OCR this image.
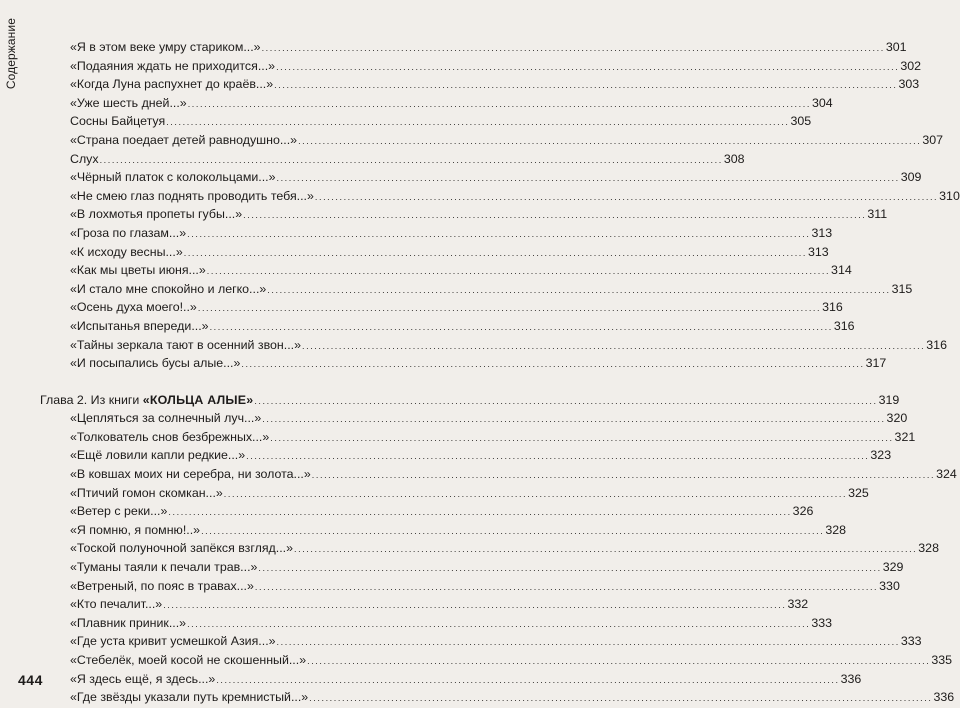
Содержание	«Я в этом веке умру стариком...» .....	301
«Подаяния ждать не приходится...» .....	302
«Когда Луна распухнет до краёв...» .....	303
«Уже шесть дней...» .....	304
Сосны Байцетуя .....	305
«Страна поедает детей равнодушно...» .....	307
Слух .....	308
«Чёрный платок с колокольцами...» .....	309
«Не смею глаз поднять проводить тебя...» .....	310
«В лохмотья пропеты губы...» .....	311
«Гроза по глазам...» .....	313
«К исходу весны...» .....	313
«Как мы цветы июня...» .....	314
«И стало мне спокойно и легко...» .....	315
«Осень духа моего!..» .....	316
«Испытанья впереди...» .....	316
«Тайны зеркала тают в осенний звон...» .....	316
«И посыпались бусы алые...» .....	317
Глава 2. Из книги «КОЛЬЦА АЛЫЕ» .....	319
«Цепляться за солнечный луч...» .....	320
«Толкователь снов безбрежных...» .....	321
«Ещё ловили капли редкие...» .....	323
«В ковшах моих ни серебра, ни золота...» .....	324
«Птичий гомон скомкан...» .....	325
«Ветер с реки...» .....	326
«Я помню, я помню!..» .....	328
«Тоской полуночной запёкся взгляд...» .....	328
«Туманы таяли к печали трав...» .....	329
«Ветреный, по пояс в травах...» .....	330
«Кто печалит...» .....	332
«Плавник приник...» .....	333
«Где уста кривит усмешкой Азия...» .....	333
«Стебелёк, моей косой не скошенный...» .....	335
«Я здесь ещё, я здесь...» .....	336
«Где звёзды указали путь кремнистый...» .....	336
444
